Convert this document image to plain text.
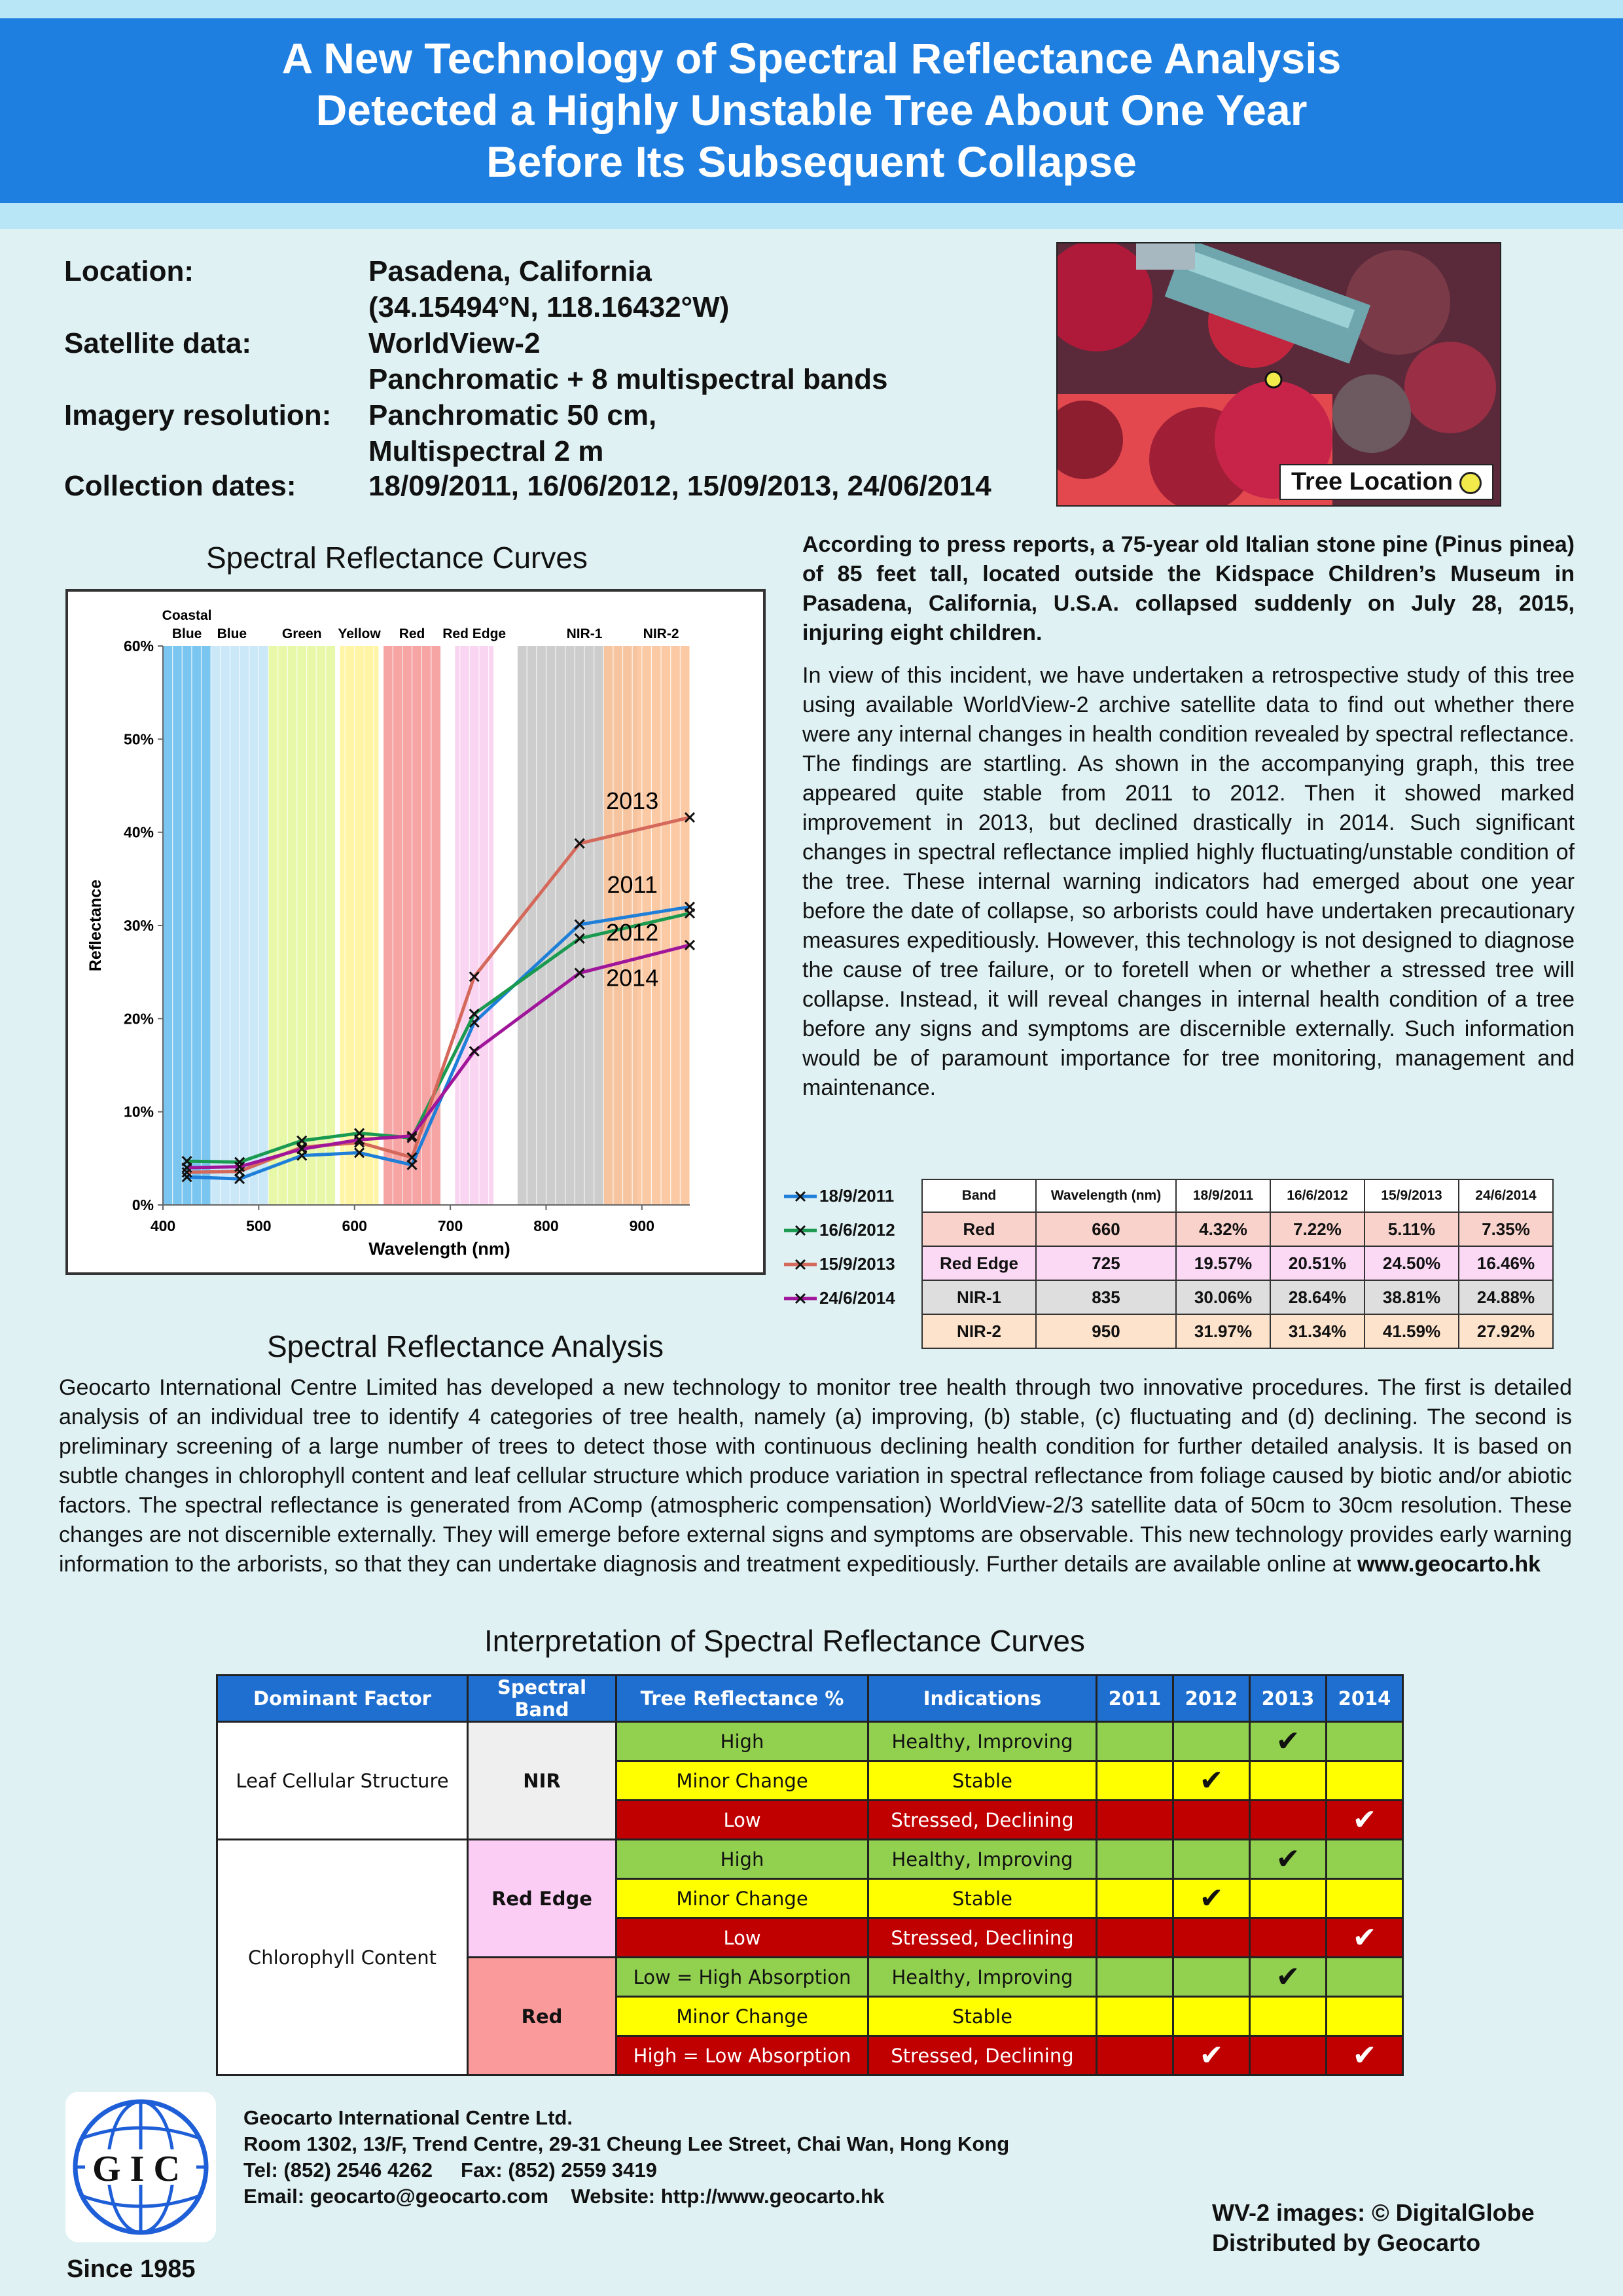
A New Technology of Spectral Reflectance Analysis
Detected a Highly Unstable Tree About One Year
Before Its Subsequent Collapse
Location:	Pasadena, California
(34.15494°N, 118.16432°W)
Satellite data:	WorldView-2
Panchromatic + 8 multispectral bands
Imagery resolution: Panchromatic 50 cm,
Multispectral 2 m
Collection dates:	18/09/2011, 16/06/2012, 15/09/2013, 24/06/2014	Tree Location
Spectral Reflectance Curves
Coastal
Blue Blue	Green Yellow Red Red Edge	NIR-1	NIR-2
0%
10%
20%
30%
40%
50%
60%
400	500	600	700	800	900
Wavelength (nm)
Reflectance	2011
2012
2013
2014
18/9/2011
16/6/2012
15/9/2013
24/6/2014
Band	Wavelength (nm)	18/9/2011	16/6/2012	15/9/2013	24/6/2014
Red	660	4.32%	7.22%	5.11%	7.35%
Red Edge	725	19.57%	20.51%	24.50%	16.46%
NIR-1	835	30.06%	28.64%	38.81%	24.88%
NIR-2	950	31.97%	31.34%	41.59%	27.92%
According to press reports, a 75-year old Italian stone pine (Pinus pinea) of 85 feet tall, located outside the Kidspace Children’s Museum in Pasadena, California, U.S.A. collapsed suddenly on July 28, 2015, injuring eight children.
In view of this incident, we have undertaken a retrospective study of this tree using available WorldView-2 archive satellite data to find out whether there were any internal changes in health condition revealed by spectral reflectance. The findings are startling. As shown in the accompanying graph, this tree appeared quite stable from 2011 to 2012. Then it showed marked improvement in 2013, but declined drastically in 2014. Such significant changes in spectral reflectance implied highly fluctuating/unstable condition of the tree. These internal warning indicators had emerged about one year before the date of collapse, so arborists could have undertaken precautionary measures expeditiously. However, this technology is not designed to diagnose the cause of tree failure, or to foretell when or whether a stressed tree will collapse. Instead, it will reveal changes in internal health condition of a tree before any signs and symptoms are discernible externally. Such information would be of paramount importance for tree monitoring, management and maintenance.
Spectral Reflectance Analysis
Geocarto International Centre Limited has developed a new technology to monitor tree health through two innovative procedures. The first is detailed analysis of an individual tree to identify 4 categories of tree health, namely (a) improving, (b) stable, (c) fluctuating and (d) declining. The second is preliminary screening of a large number of trees to detect those with continuous declining health condition for further detailed analysis. It is based on subtle changes in chlorophyll content and leaf cellular structure which produce variation in spectral reflectance from foliage caused by biotic and/or abiotic factors. The spectral reflectance is generated from AComp (atmospheric compensation) WorldView-2/3 satellite data of 50cm to 30cm resolution. These changes are not discernible externally. They will emerge before external signs and symptoms are observable. This new technology provides early warning information to the arborists, so that they can undertake diagnosis and treatment expeditiously. Further details are available online at www.geocarto.hk
Interpretation of Spectral Reflectance Curves
Dominant Factor	Spectral Band	Tree Reflectance %	Indications	2011	2012	2013	2014
Leaf Cellular Structure	NIR	High	Healthy, Improving			✔	
		Minor Change	Stable		✔		
		Low	Stressed, Declining				✔
Chlorophyll Content	Red Edge	High	Healthy, Improving			✔	
		Minor Change	Stable		✔		
		Low	Stressed, Declining				✔
	Red	Low = High Absorption	Healthy, Improving			✔	
		Minor Change	Stable				
		High = Low Absorption	Stressed, Declining		✔		✔
GIC
Since 1985
Geocarto International Centre Ltd.
Room 1302, 13/F, Trend Centre, 29-31 Cheung Lee Street, Chai Wan, Hong Kong
Tel: (852) 2546 4262     Fax: (852) 2559 3419
Email: geocarto@geocarto.com    Website: http://www.geocarto.hk
WV-2 images: © DigitalGlobe
Distributed by Geocarto
